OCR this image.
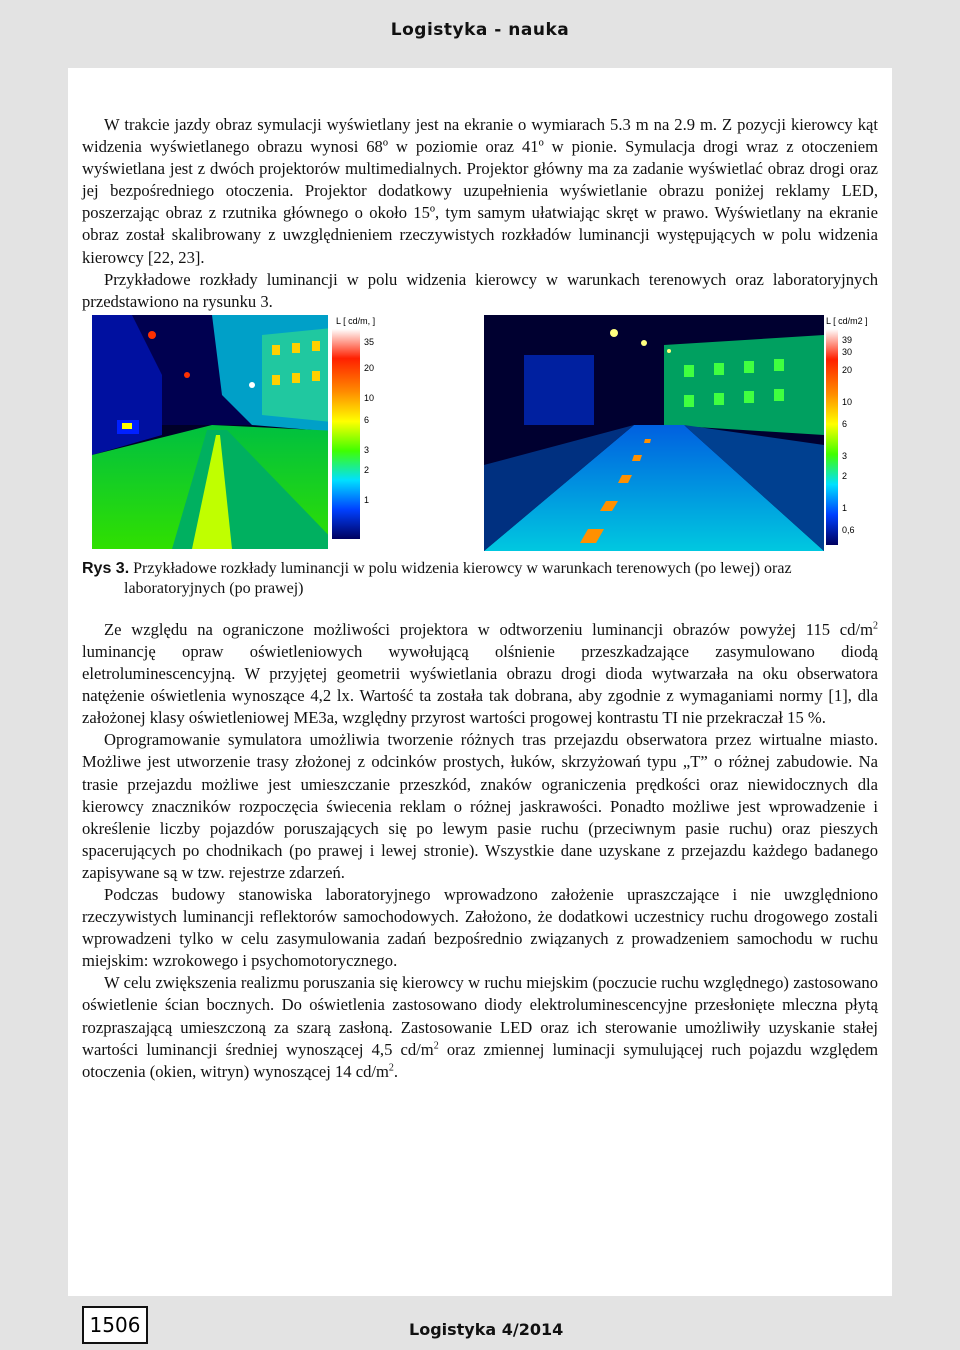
Logistyka - nauka

W trakcie jazdy obraz symulacji wyświetlany jest na ekranie o wymiarach 5.3 m na 2.9 m. Z pozycji kierowcy kąt widzenia wyświetlanego obrazu wynosi 68º w poziomie oraz 41º w pionie. Symulacja drogi wraz z otoczeniem wyświetlana jest z dwóch projektorów multimedialnych. Projektor główny ma za zadanie wyświetlać obraz drogi oraz jej bezpośredniego otoczenia. Projektor dodatkowy uzupełnienia wyświetlanie obrazu poniżej reklamy LED, poszerzając obraz z rzutnika głównego o około 15º, tym samym ułatwiając skręt w prawo. Wyświetlany na ekranie obraz został skalibrowany z uwzględnieniem rzeczywistych rozkładów luminancji występujących w polu widzenia kierowcy [22, 23].

Przykładowe rozkłady luminancji w polu widzenia kierowcy w warunkach terenowych oraz laboratoryjnych przedstawiono na rysunku 3.

L [ cd/m, ]
35
20
10
6
3
2
1
L [ cd/m2 ]
39
30
20
10
6
3
2
1
0,6
Rys 3. Przykładowe rozkłady luminancji w polu widzenia kierowcy w warunkach terenowych (po lewej) oraz laboratoryjnych (po prawej)

Ze względu na ograniczone możliwości projektora w odtworzeniu luminancji obrazów powyżej 115 $cd/m^2$ luminancję opraw oświetleniowych wywołującą olśnienie przeszkadzające zasymulowano diodą eletroluminescencyjną. W przyjętej geometrii wyświetlania obrazu drogi dioda wytwarzała na oku obserwatora natężenie oświetlenia wynoszące 4,2 lx. Wartość ta została tak dobrana, aby zgodnie z wymaganiami normy [1], dla założonej klasy oświetleniowej ME3a, względny przyrost wartości progowej kontrastu TI nie przekraczał 15 %.

Oprogramowanie symulatora umożliwia tworzenie różnych tras przejazdu obserwatora przez wirtualne miasto. Możliwe jest utworzenie trasy złożonej z odcinków prostych, łuków, skrzyżowań typu „T” o różnej zabudowie. Na trasie przejazdu możliwe jest umieszczanie przeszkód, znaków ograniczenia prędkości oraz niewidocznych dla kierowcy znaczników rozpoczęcia świecenia reklam o różnej jaskrawości. Ponadto możliwe jest wprowadzenie i określenie liczby pojazdów poruszających się po lewym pasie ruchu (przeciwnym pasie ruchu) oraz pieszych spacerujących po chodnikach (po prawej i lewej stronie). Wszystkie dane uzyskane z przejazdu każdego badanego zapisywane są w tzw. rejestrze zdarzeń.

Podczas budowy stanowiska laboratoryjnego wprowadzono założenie upraszczające i nie uwzględniono rzeczywistych luminancji reflektorów samochodowych. Założono, że dodatkowi uczestnicy ruchu drogowego zostali wprowadzeni tylko w celu zasymulowania zadań bezpośrednio związanych z prowadzeniem samochodu w ruchu miejskim: wzrokowego i psychomotorycznego.

W celu zwiększenia realizmu poruszania się kierowcy w ruchu miejskim (poczucie ruchu względnego) zastosowano oświetlenie ścian bocznych. Do oświetlenia zastosowano diody elektroluminescencyjne przesłonięte mleczna płytą rozpraszającą umieszczoną za szarą zasłoną. Zastosowanie LED oraz ich sterowanie umożliwiły uzyskanie stałej wartości luminancji średniej wynoszącej 4,5 $cd/m^2$ oraz zmiennej luminacji symulującej ruch pojazdu względem otoczenia (okien, witryn) wynoszącej 14 $cd/m^2$.

1506	Logistyka 4/2014
